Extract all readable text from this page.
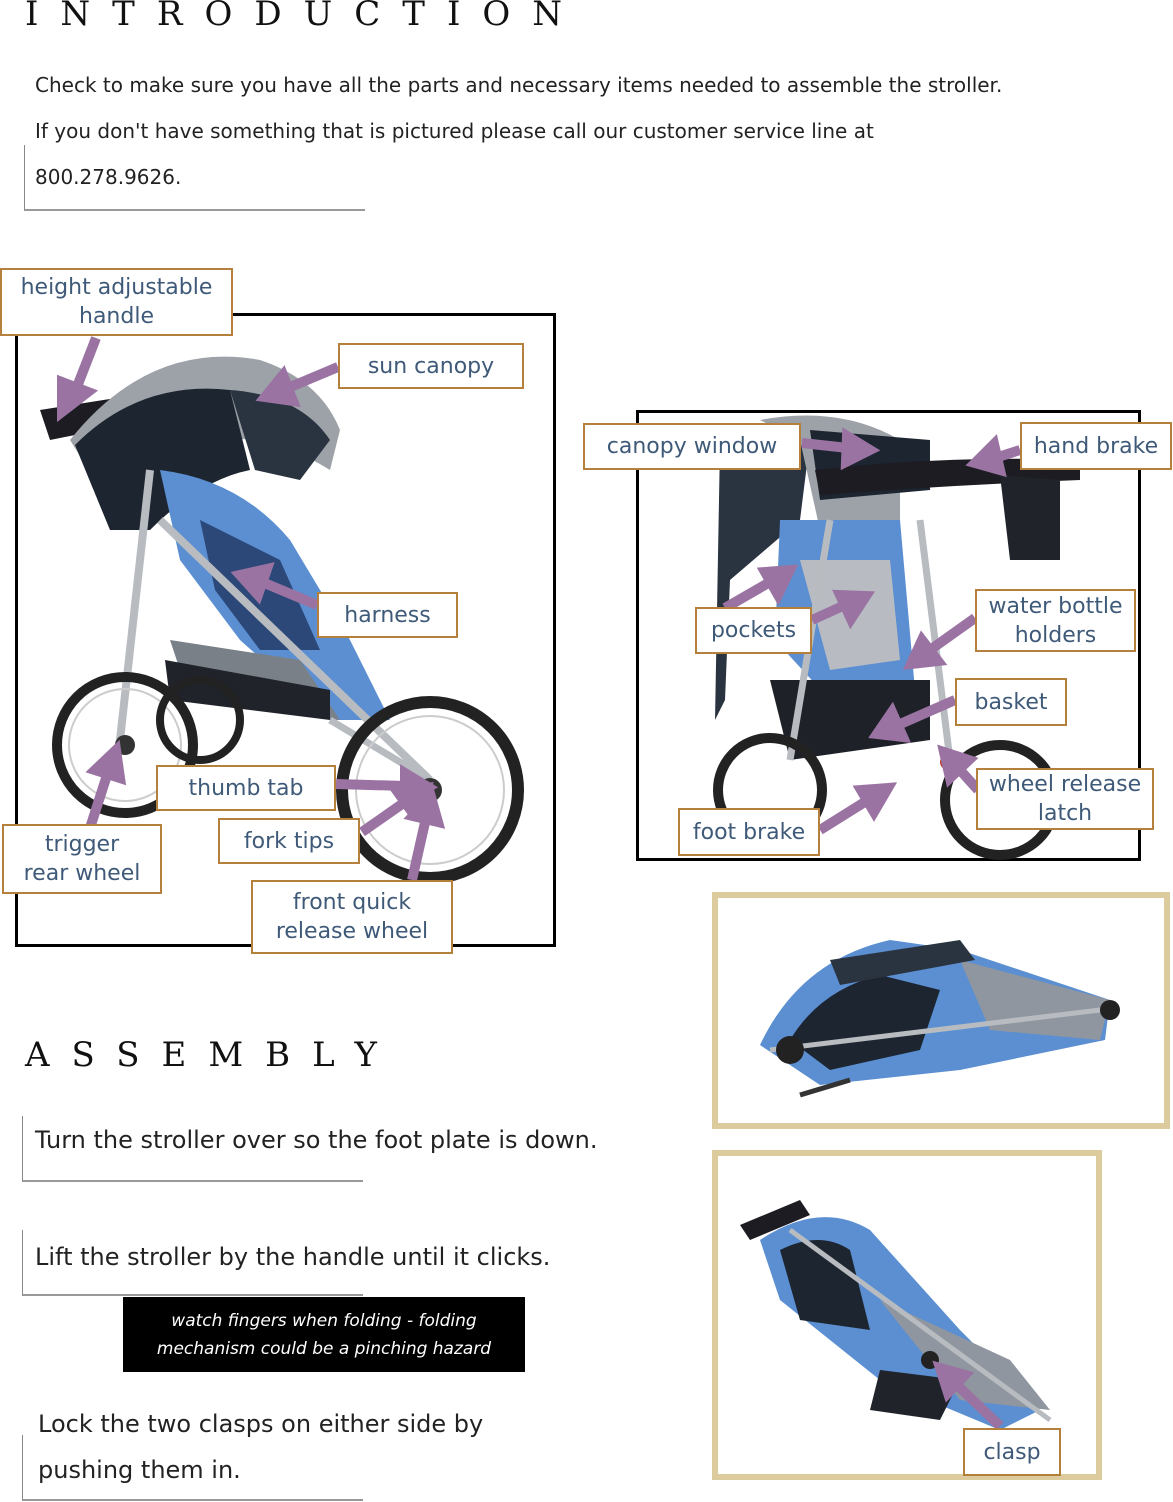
INTRODUCTION
Check to make sure you have all the parts and necessary items needed to assemble the stroller.
If you don't have something that is pictured please call our customer service line at
800.278.9626.
height adjustable
handle
sun canopy
harness
thumb tab
fork tips
trigger
rear wheel
front quick
release wheel
canopy window	hand brake
pockets
water bottle
holders
basket
wheel release
latch
foot brake
ASSEMBLY
Turn the stroller over so the foot plate is down.
Lift the stroller by the handle until it clicks.
watch fingers when folding - folding
mechanism could be a pinching hazard
Lock the two clasps on either side by
pushing them in.
clasp
